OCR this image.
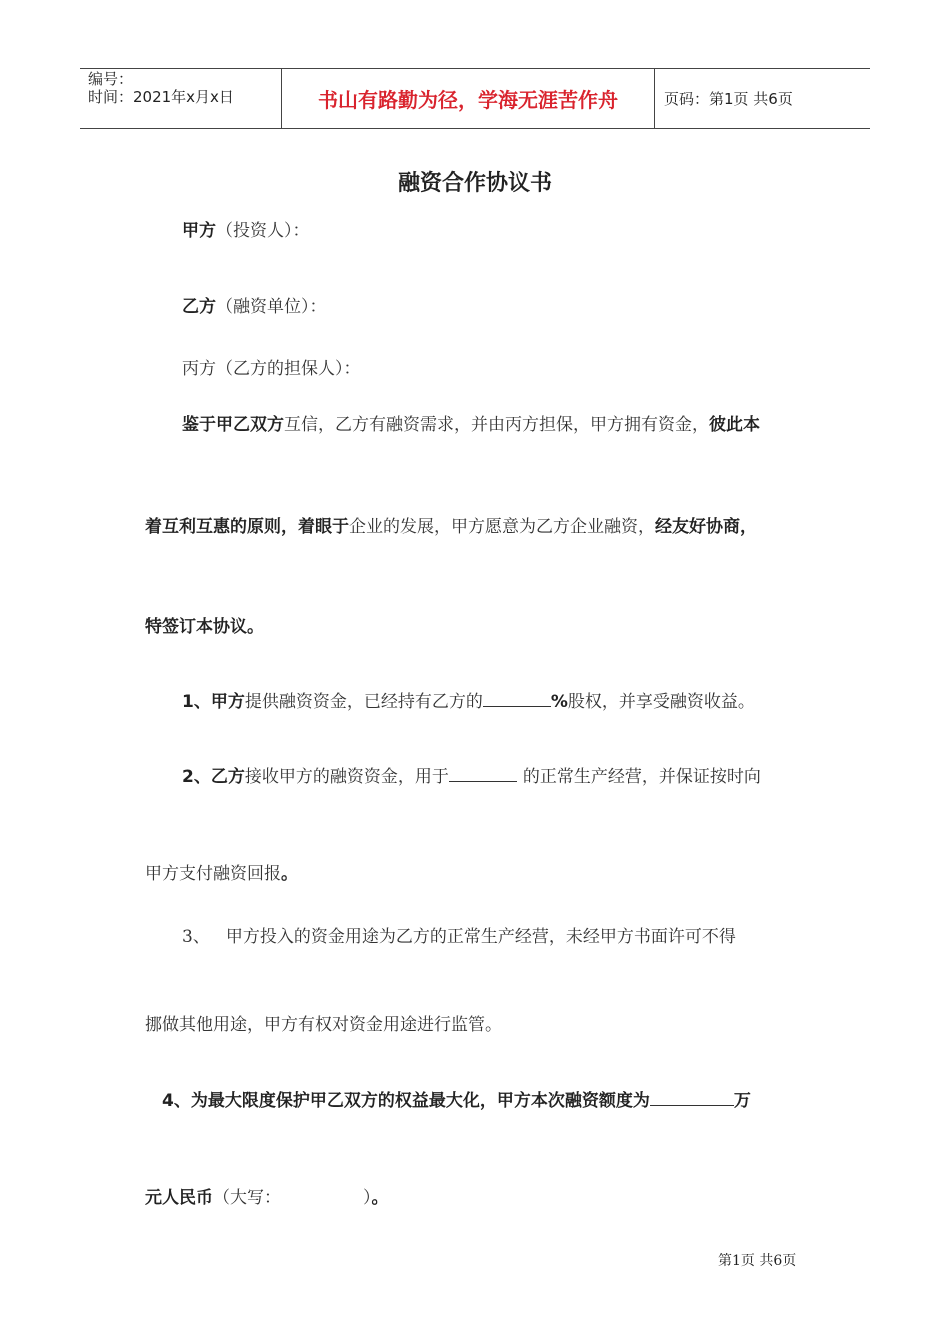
编号：
时间：2021年x月x日	书山有路勤为径，学海无涯苦作舟	页码：第1页 共6页
融资合作协议书
甲方（投资人）：
乙方（融资单位）：
丙方（乙方的担保人）：
鉴于甲乙双方互信，乙方有融资需求，并由丙方担保，甲方拥有资金，彼此本
着互利互惠的原则，着眼于企业的发展，甲方愿意为乙方企业融资，经友好协商，
特签订本协议。
1、甲方提供融资资金，已经持有乙方的	%股权，并享受融资收益。
2、乙方接收甲方的融资资金，用于	的正常生产经营，并保证按时向
甲方支付融资回报。
3、 甲方投入的资金用途为乙方的正常生产经营，未经甲方书面许可不得
挪做其他用途，甲方有权对资金用途进行监管。
4、为最大限度保护甲乙双方的权益最大化，甲方本次融资额度为	万
元人民币（大写：	）。
第1页 共6页
